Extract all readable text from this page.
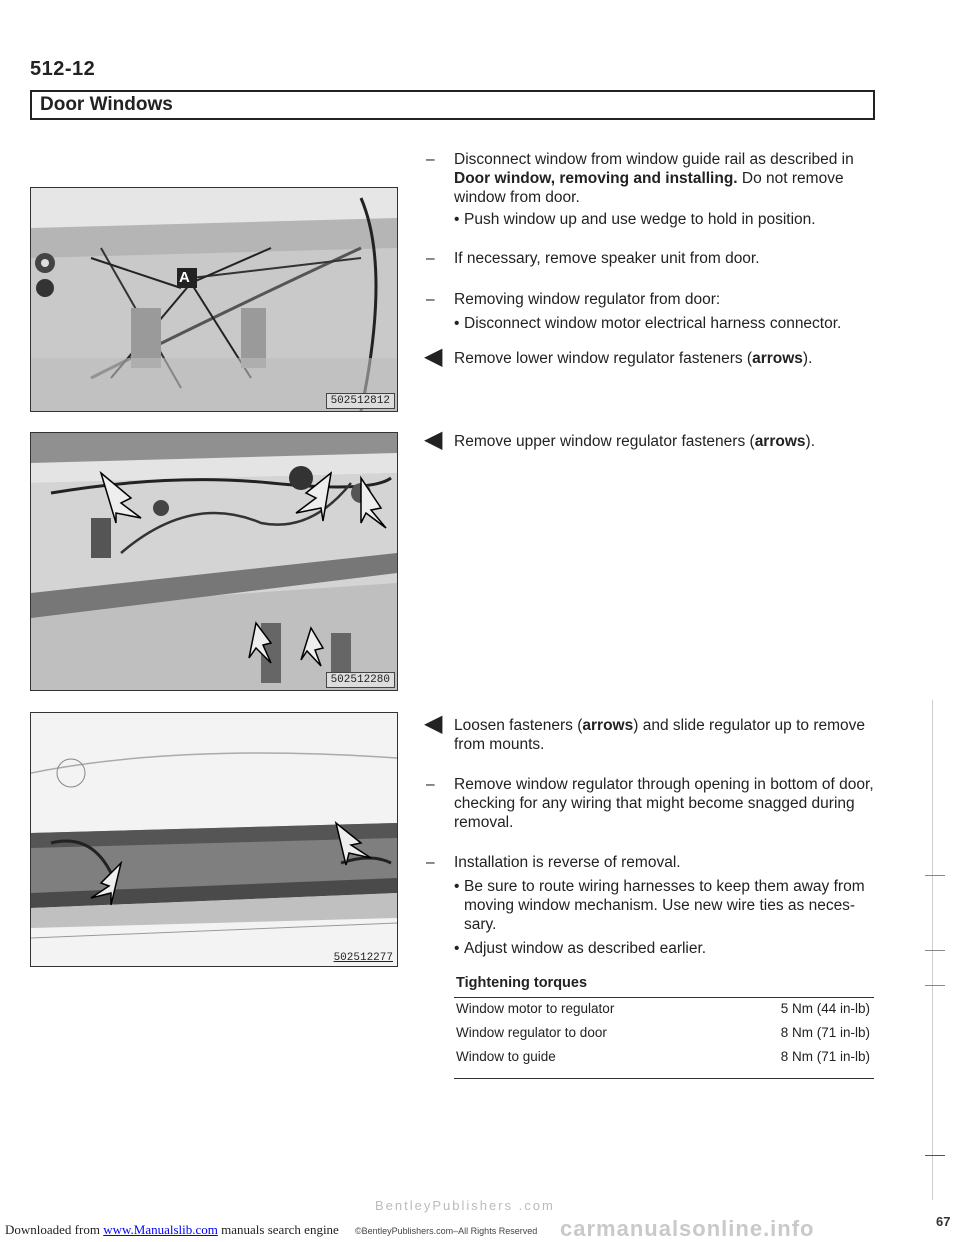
512-12
Door Windows
A
502512812
502512280
502512277
– Disconnect window from window guide rail as described in Door window, removing and installing. Do not remove window from door.
• Push window up and use wedge to hold in position.
– If necessary, remove speaker unit from door.
– Removing window regulator from door:
• Disconnect window motor electrical harness connector.
◀ Remove lower window regulator fasteners (arrows).
◀ Remove upper window regulator fasteners (arrows).
◀ Loosen fasteners (arrows) and slide regulator up to remove from mounts.
– Remove window regulator through opening in bottom of door, checking for any wiring that might become snagged during removal.
– Installation is reverse of removal.
• Be sure to route wiring harnesses to keep them away from moving window mechanism. Use new wire ties as neces- sary.
• Adjust window as described earlier.
Tightening torques
Window motor to regulator	5 Nm (44 in-lb)
Window regulator to door	8 Nm (71 in-lb)
Window to guide	8 Nm (71 in-lb)
BentleyPublishers .com
Downloaded from www.Manualslib.com manuals search engine ©BentleyPublishers.com–All Rights Reserved carmanualsonline.info	67
